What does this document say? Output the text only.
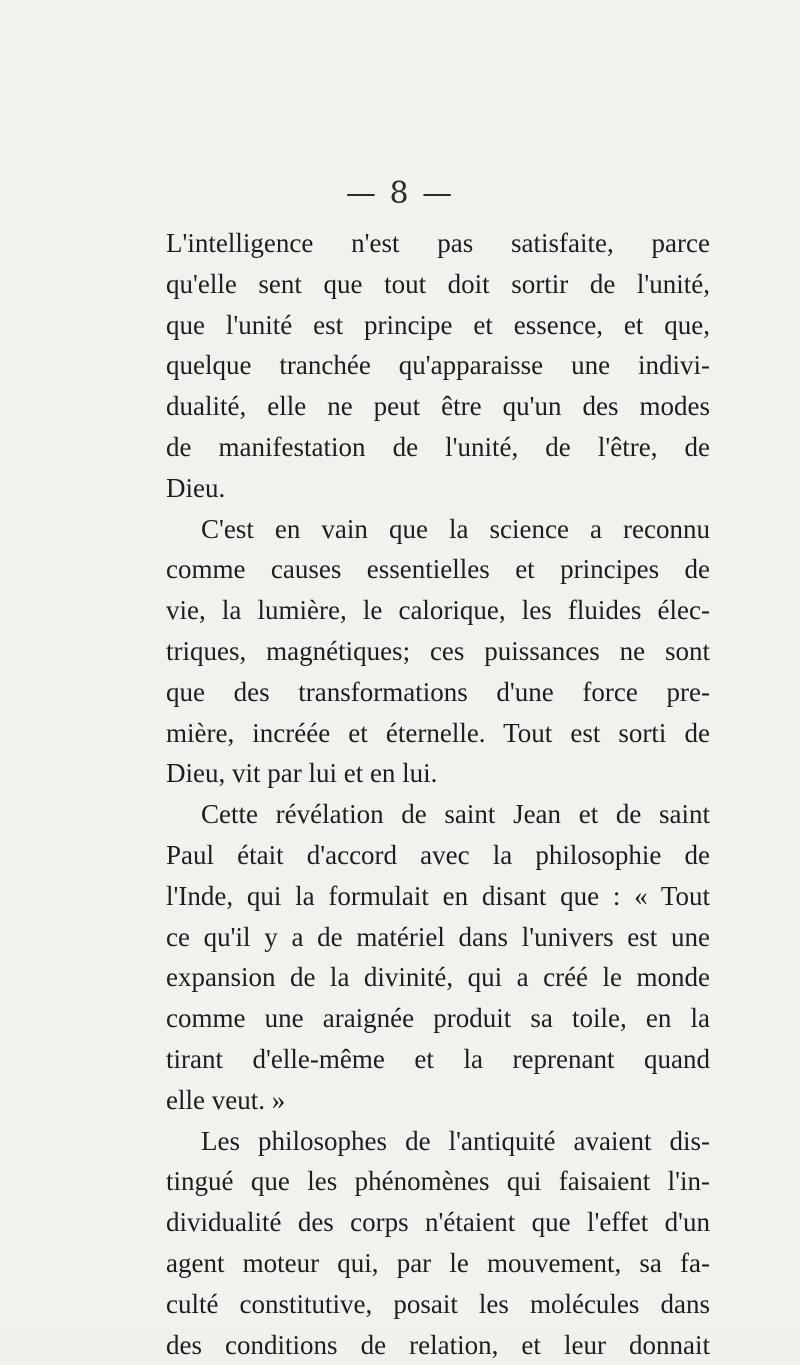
— 8 —
L'intelligence n'est pas satisfaite, parce
qu'elle sent que tout doit sortir de l'unité,
que l'unité est principe et essence, et que,
quelque tranchée qu'apparaisse une indivi-
dualité, elle ne peut être qu'un des modes
de manifestation de l'unité, de l'être, de
Dieu.
C'est en vain que la science a reconnu
comme causes essentielles et principes de
vie, la lumière, le calorique, les fluides élec-
triques, magnétiques; ces puissances ne sont
que des transformations d'une force pre-
mière, incréée et éternelle. Tout est sorti de
Dieu, vit par lui et en lui.
Cette révélation de saint Jean et de saint
Paul était d'accord avec la philosophie de
l'Inde, qui la formulait en disant que : « Tout
ce qu'il y a de matériel dans l'univers est une
expansion de la divinité, qui a créé le monde
comme une araignée produit sa toile, en la
tirant d'elle-même et la reprenant quand
elle veut. »
Les philosophes de l'antiquité avaient dis-
tingué que les phénomènes qui faisaient l'in-
dividualité des corps n'étaient que l'effet d'un
agent moteur qui, par le mouvement, sa fa-
culté constitutive, posait les molécules dans
des conditions de relation, et leur donnait
